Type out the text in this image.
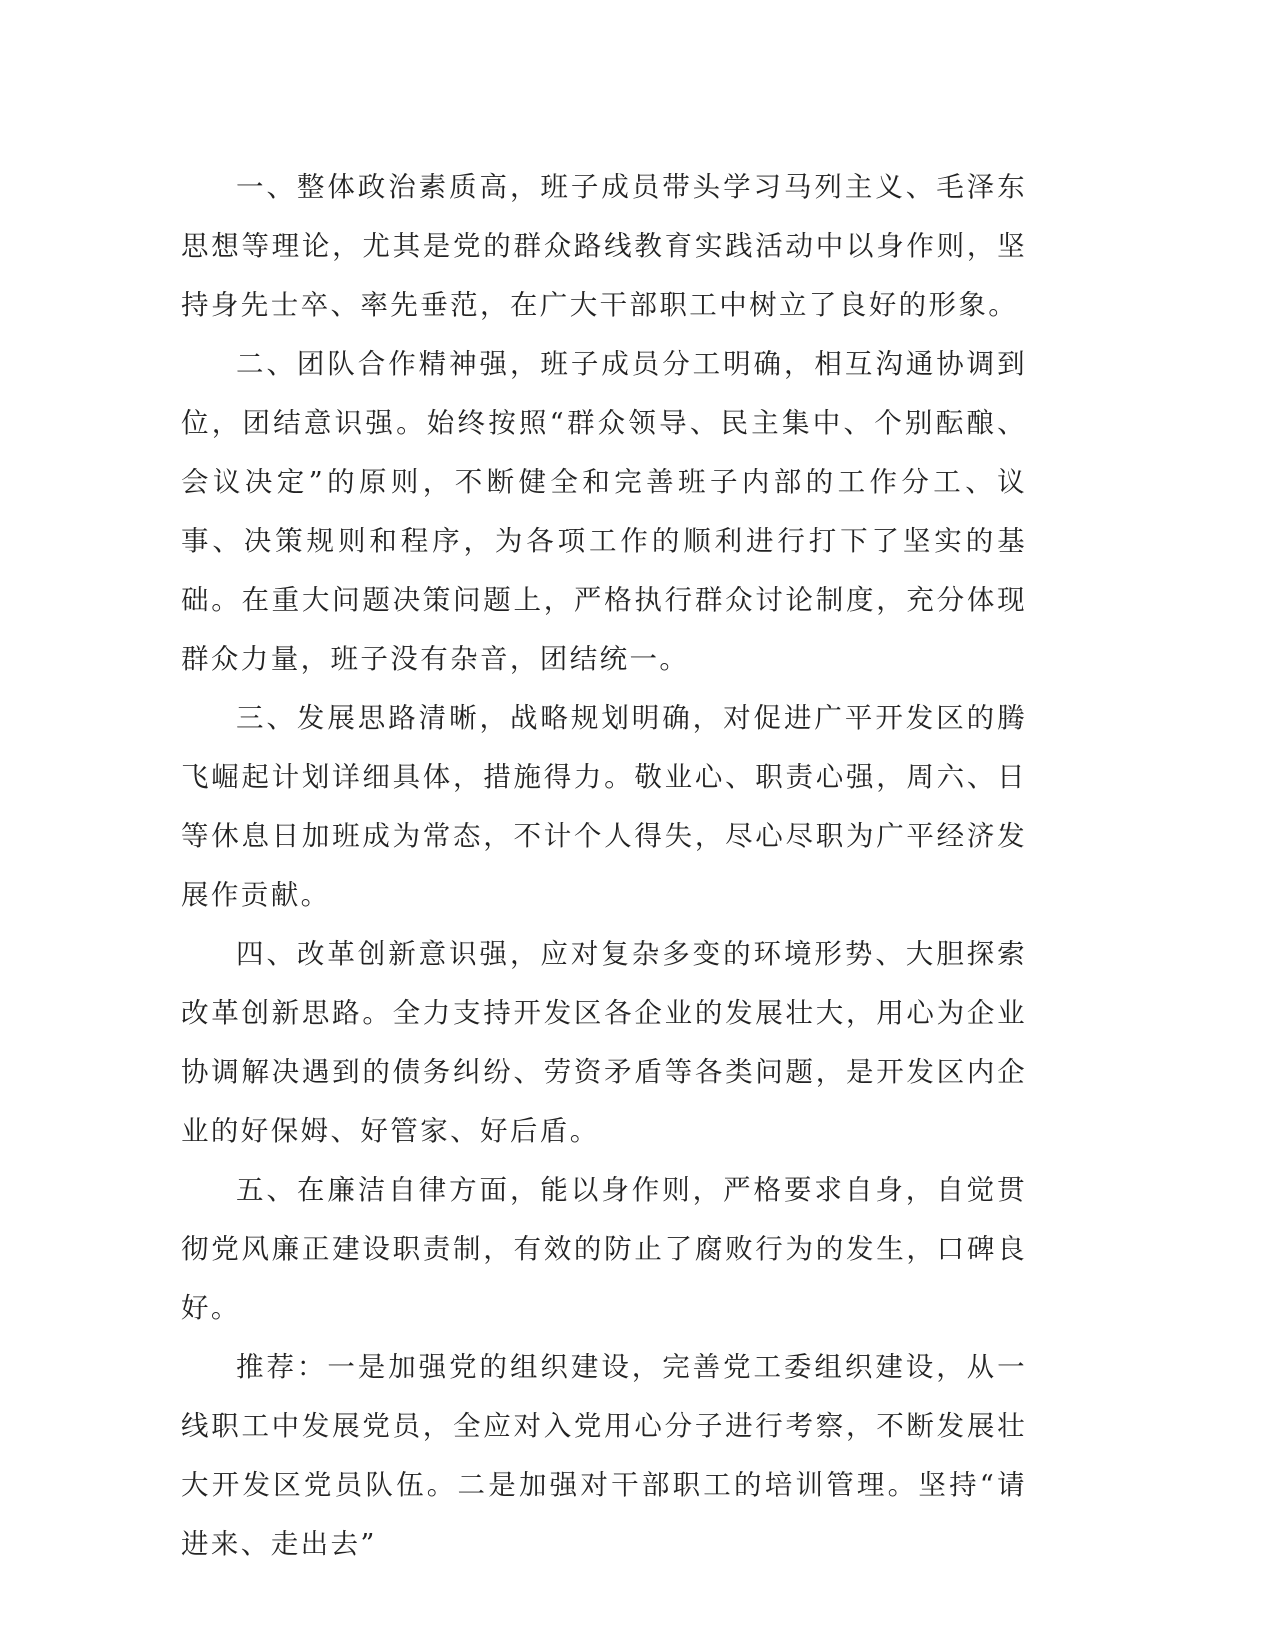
一、整体政治素质高，班子成员带头学习马列主义、毛泽东思想等理论，尤其是党的群众路线教育实践活动中以身作则，坚持身先士卒、率先垂范，在广大干部职工中树立了良好的形象。

二、团队合作精神强，班子成员分工明确，相互沟通协调到位，团结意识强。始终按照“群众领导、民主集中、个别酝酿、会议决定”的原则，不断健全和完善班子内部的工作分工、议事、决策规则和程序，为各项工作的顺利进行打下了坚实的基础。在重大问题决策问题上，严格执行群众讨论制度，充分体现群众力量，班子没有杂音，团结统一。

三、发展思路清晰，战略规划明确，对促进广平开发区的腾飞崛起计划详细具体，措施得力。敬业心、职责心强，周六、日等休息日加班成为常态，不计个人得失，尽心尽职为广平经济发展作贡献。

四、改革创新意识强，应对复杂多变的环境形势、大胆探索改革创新思路。全力支持开发区各企业的发展壮大，用心为企业协调解决遇到的债务纠纷、劳资矛盾等各类问题，是开发区内企业的好保姆、好管家、好后盾。

五、在廉洁自律方面，能以身作则，严格要求自身，自觉贯彻党风廉正建设职责制，有效的防止了腐败行为的发生，口碑良好。

推荐：一是加强党的组织建设，完善党工委组织建设，从一线职工中发展党员，全应对入党用心分子进行考察，不断发展壮大开发区党员队伍。二是加强对干部职工的培训管理。坚持“请进来、走出去”
